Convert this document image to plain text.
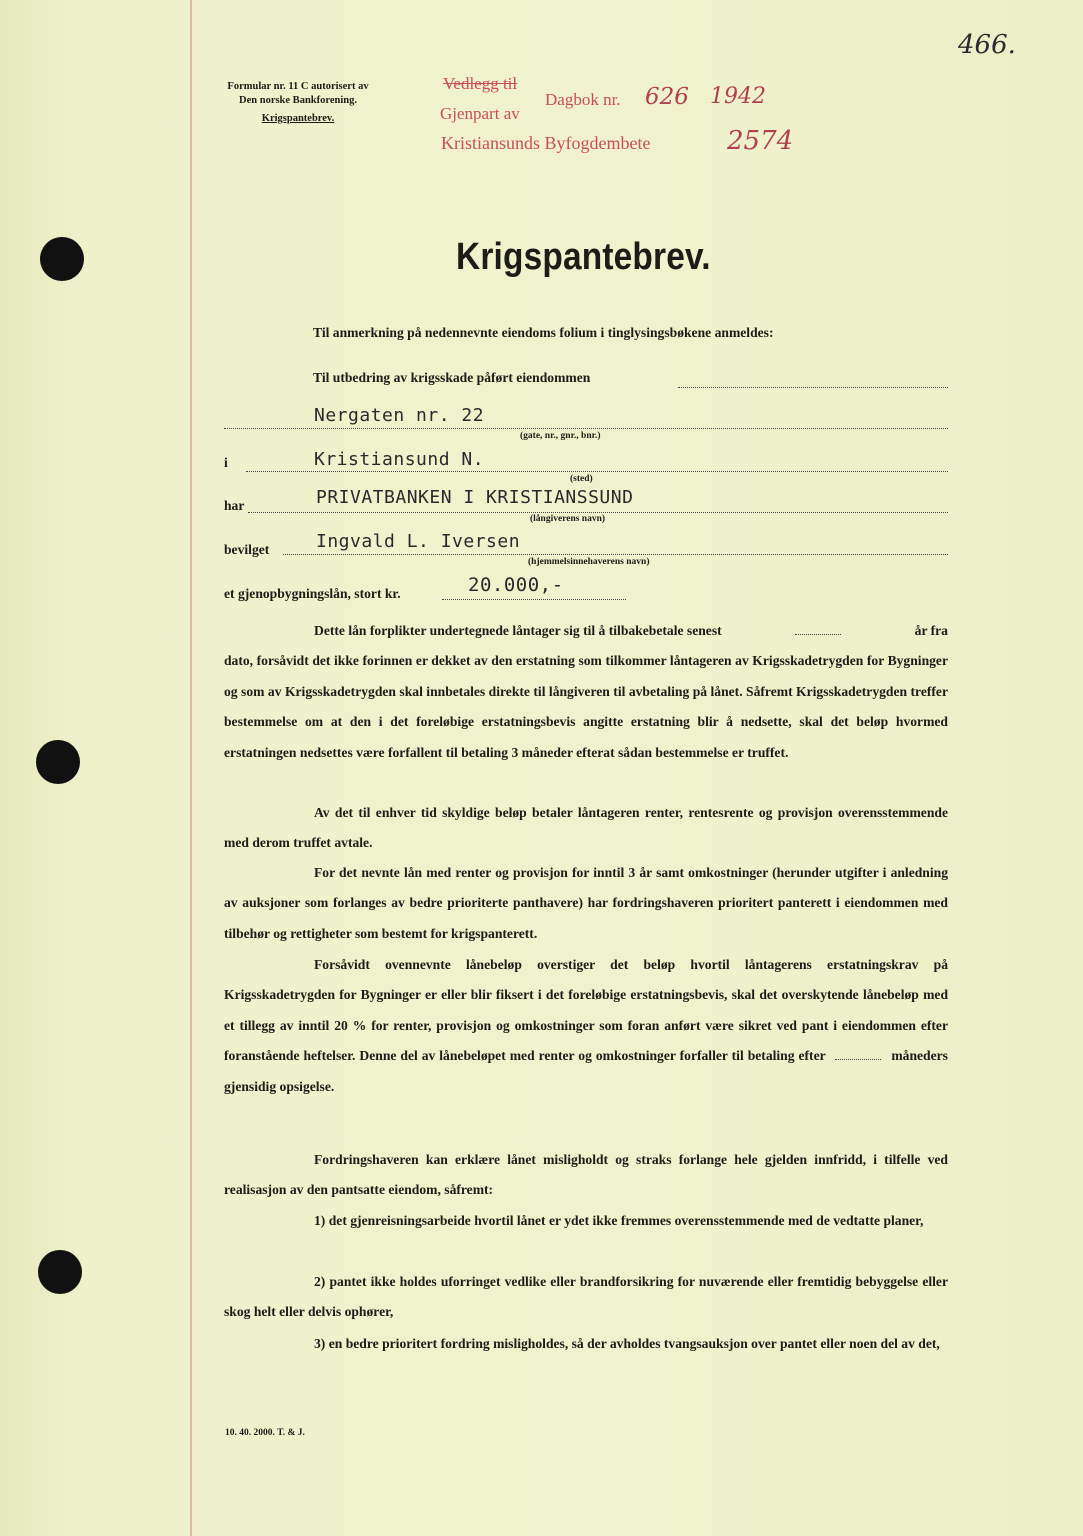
Formular nr. 11 C autorisert av
Den norske Bankforening.
Krigspantebrev.
Vedlegg til
Gjenpart av
Dagbok nr. 626 1942
Kristiansunds Byfogdembete	2574
466.
Krigspantebrev.
Til anmerkning på nedennevnte eiendoms folium i tinglysingsbøkene anmeldes:
Til utbedring av krigsskade påført eiendommen
Nergaten nr. 22
(gate, nr., gnr., bnr.)
i	Kristiansund N.
(sted)
har	PRIVATBANKEN I KRISTIANSSUND
(långiverens navn)
bevilget	Ingvald L. Iversen
(hjemmelsinnehaverens navn)
et gjenopbygningslån, stort kr.	20.000,-
Dette lån forplikter undertegnede låntager sig til å tilbakebetale senest	år fra
dato, forsåvidt det ikke forinnen er dekket av den erstatning som tilkommer låntageren av Krigsskadetrygden for Bygninger og som av Krigsskadetrygden skal innbetales direkte til långiveren til avbetaling på lånet. Såfremt Krigsskadetrygden treffer bestemmelse om at den i det foreløbige erstatningsbevis angitte erstatning blir å nedsette, skal det beløp hvormed erstatningen nedsettes være forfallent til betaling 3 måneder efterat sådan bestemmelse er truffet.
Av det til enhver tid skyldige beløp betaler låntageren renter, rentesrente og provisjon overensstemmende med derom truffet avtale.
For det nevnte lån med renter og provisjon for inntil 3 år samt omkostninger (herunder utgifter i anledning av auksjoner som forlanges av bedre prioriterte panthavere) har fordringshaveren prioritert panterett i eiendommen med tilbehør og rettigheter som bestemt for krigspanterett.
Forsåvidt ovennevnte lånebeløp overstiger det beløp hvortil låntagerens erstatningskrav på Krigsskadetrygden for Bygninger er eller blir fiksert i det foreløbige erstatningsbevis, skal det overskytende lånebeløp med et tillegg av inntil 20 % for renter, provisjon og omkostninger som foran anført være sikret ved pant i eiendommen efter foranstående heftelser. Denne del av lånebeløpet med renter og omkostninger forfaller til betaling efter	måneders gjensidig opsigelse.
Fordringshaveren kan erklære lånet misligholdt og straks forlange hele gjelden innfridd, i tilfelle ved realisasjon av den pantsatte eiendom, såfremt:
1) det gjenreisningsarbeide hvortil lånet er ydet ikke fremmes overensstemmende med de vedtatte planer,
2) pantet ikke holdes uforringet vedlike eller brandforsikring for nuværende eller fremtidig bebyggelse eller skog helt eller delvis ophører,
3) en bedre prioritert fordring misligholdes, så der avholdes tvangsauksjon over pantet eller noen del av det,
10. 40. 2000. T. & J.
